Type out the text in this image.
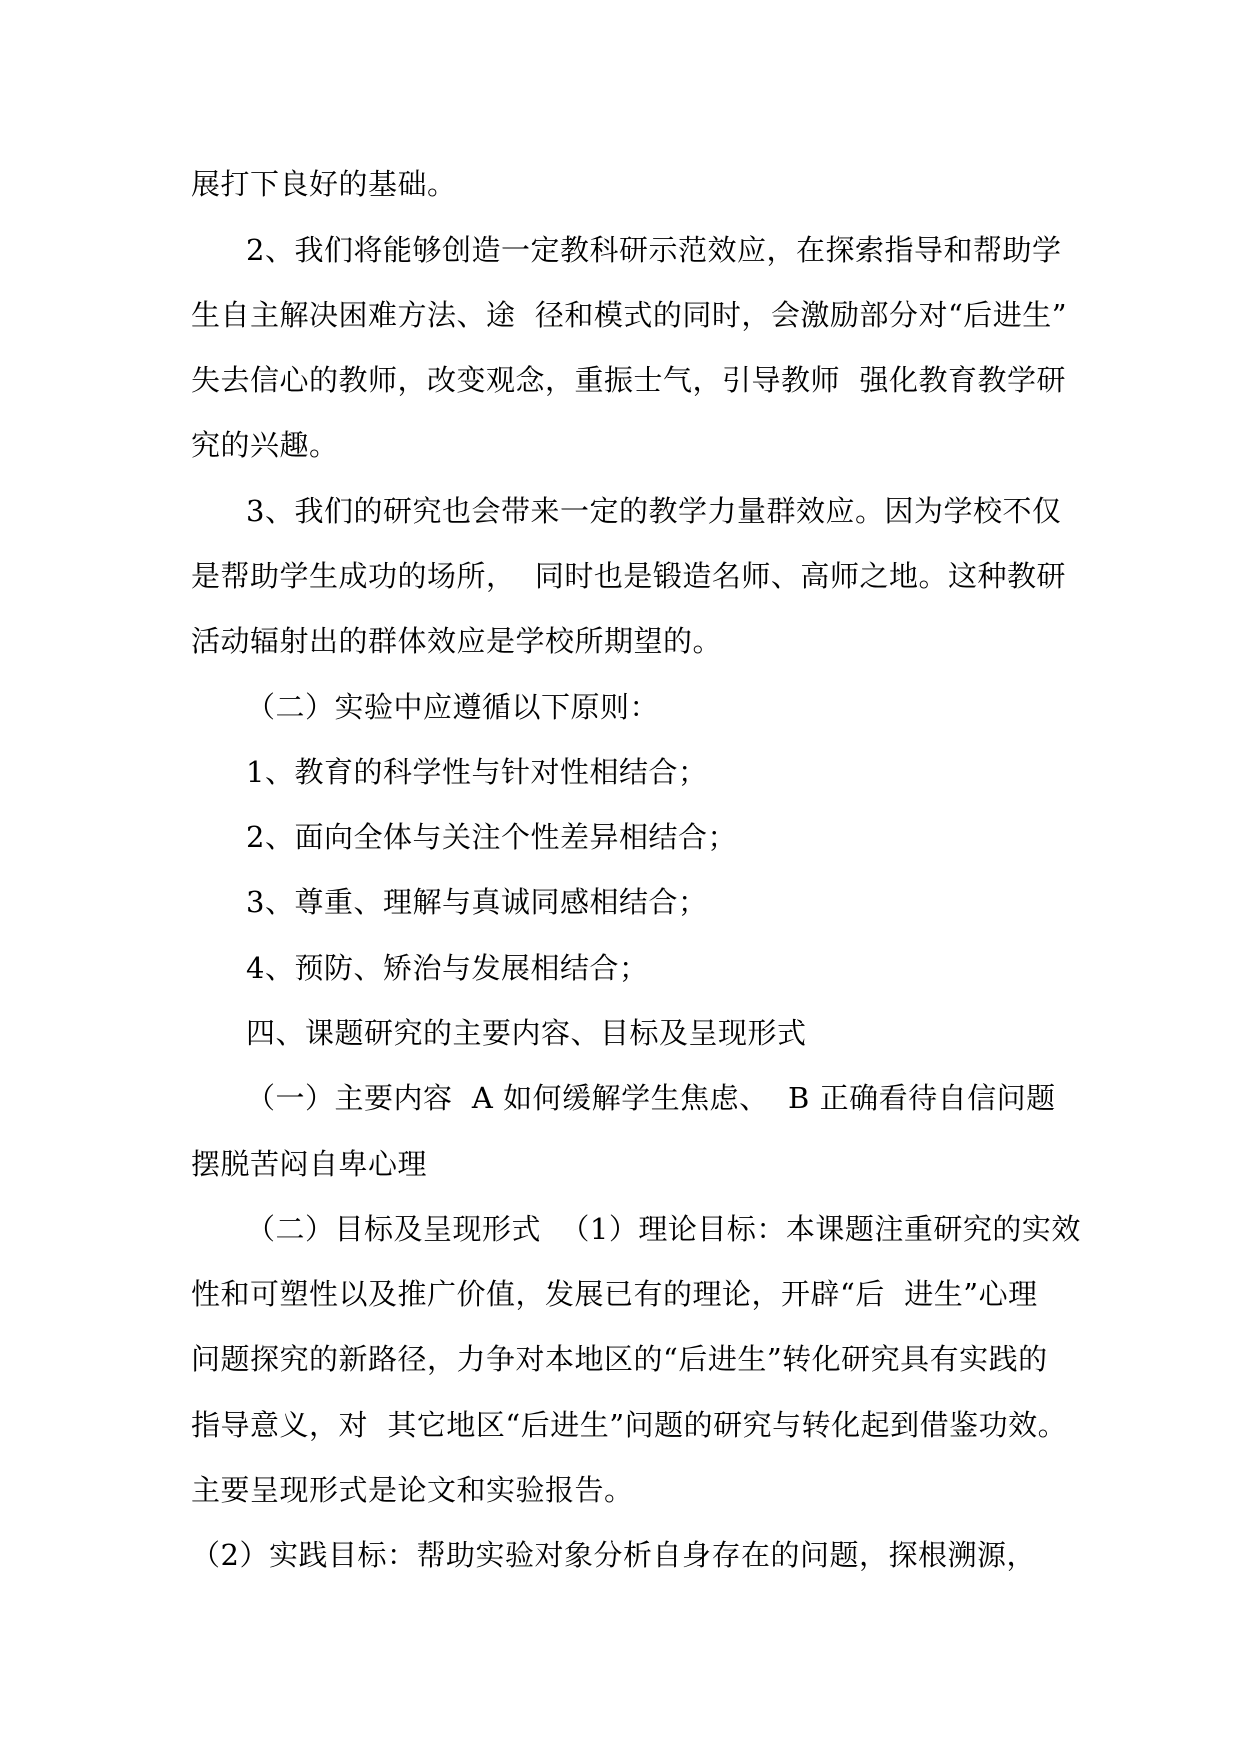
展打下良好的基础。
2、我们将能够创造一定教科研示范效应，在探索指导和帮助学
生自主解决困难方法、途  径和模式的同时，会激励部分对“后进生”
失去信心的教师，改变观念，重振士气，引导教师  强化教育教学研
究的兴趣。
3、我们的研究也会带来一定的教学力量群效应。因为学校不仅
是帮助学生成功的场所，  同时也是锻造名师、高师之地。这种教研
活动辐射出的群体效应是学校所期望的。
（二）实验中应遵循以下原则：
1、教育的科学性与针对性相结合；
2、面向全体与关注个性差异相结合；
3、尊重、理解与真诚同感相结合；
4、预防、矫治与发展相结合；
四、课题研究的主要内容、目标及呈现形式
（一）主要内容  A 如何缓解学生焦虑、  B 正确看待自信问题
摆脱苦闷自卑心理
（二）目标及呈现形式  （1）理论目标：本课题注重研究的实效
性和可塑性以及推广价值，发展已有的理论，开辟“后  进生”心理
问题探究的新路径，力争对本地区的“后进生”转化研究具有实践的
指导意义，对  其它地区“后进生”问题的研究与转化起到借鉴功效。
主要呈现形式是论文和实验报告。
（2）实践目标：帮助实验对象分析自身存在的问题，探根溯源，
